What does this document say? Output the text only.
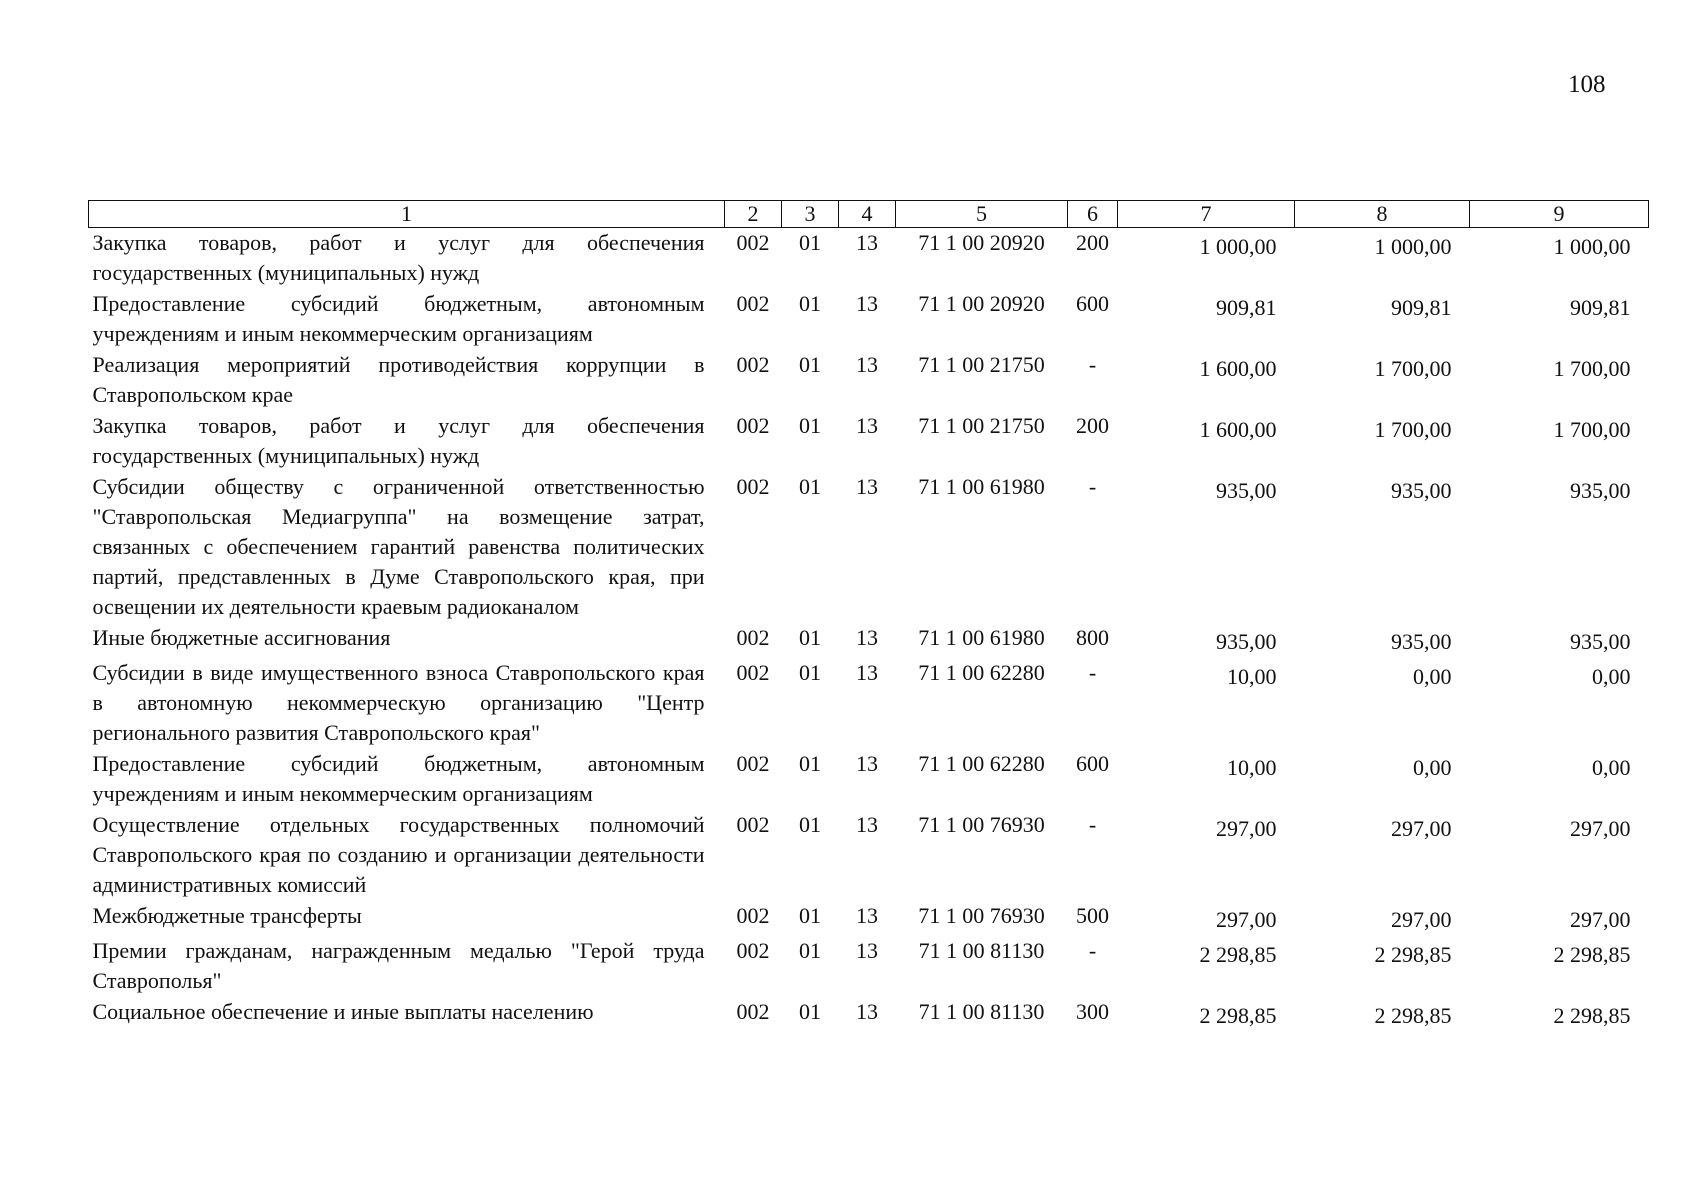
108
1	2	3	4	5	6	7	8	9
Закупка товаров, работ и услуг для обеспечения государственных (муниципальных) нужд	002	01	13	71 1 00 20920	200	1 000,00	1 000,00	1 000,00
Предоставление субсидий бюджетным, автономным учреждениям и иным некоммерческим организациям	002	01	13	71 1 00 20920	600	909,81	909,81	909,81
Реализация мероприятий противодействия коррупции в Ставропольском крае	002	01	13	71 1 00 21750	-	1 600,00	1 700,00	1 700,00
Закупка товаров, работ и услуг для обеспечения государственных (муниципальных) нужд	002	01	13	71 1 00 21750	200	1 600,00	1 700,00	1 700,00
Субсидии обществу с ограниченной ответственностью "Ставропольская Медиагруппа" на возмещение затрат, связанных с обеспечением гарантий равенства политических партий, представленных в Думе Ставропольского края, при освещении их деятельности краевым радиоканалом	002	01	13	71 1 00 61980	-	935,00	935,00	935,00
Иные бюджетные ассигнования	002	01	13	71 1 00 61980	800	935,00	935,00	935,00
Субсидии в виде имущественного взноса Ставропольского края в автономную некоммерческую организацию "Центр регионального развития Ставропольского края"	002	01	13	71 1 00 62280	-	10,00	0,00	0,00
Предоставление субсидий бюджетным, автономным учреждениям и иным некоммерческим организациям	002	01	13	71 1 00 62280	600	10,00	0,00	0,00
Осуществление отдельных государственных полномочий Ставропольского края по созданию и организации деятельности административных комиссий	002	01	13	71 1 00 76930	-	297,00	297,00	297,00
Межбюджетные трансферты	002	01	13	71 1 00 76930	500	297,00	297,00	297,00
Премии гражданам, награжденным медалью "Герой труда Ставрополья"	002	01	13	71 1 00 81130	-	2 298,85	2 298,85	2 298,85
Социальное обеспечение и иные выплаты населению	002	01	13	71 1 00 81130	300	2 298,85	2 298,85	2 298,85
